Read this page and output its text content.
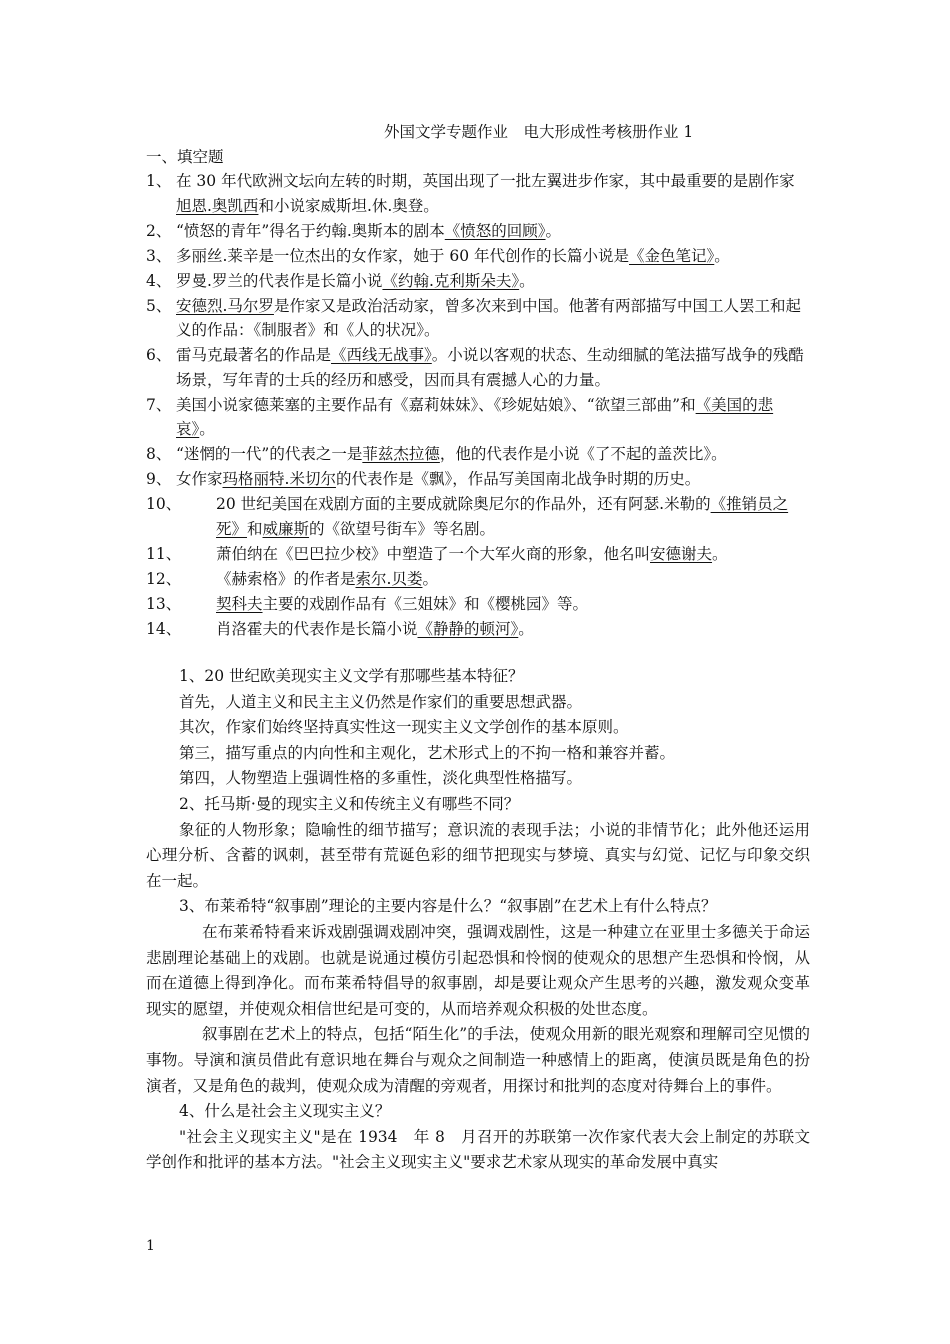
外国文学专题作业　电大形成性考核册作业 1
一、填空题
1、 在 30 年代欧洲文坛向左转的时期，英国出现了一批左翼进步作家，其中最重要的是剧作家旭恩.奥凯西和小说家威斯坦.休.奥登。
2、 “愤怒的青年”得名于约翰.奥斯本的剧本《愤怒的回顾》。
3、 多丽丝.莱辛是一位杰出的女作家，她于 60 年代创作的长篇小说是《金色笔记》。
4、 罗曼.罗兰的代表作是长篇小说《约翰.克利斯朵夫》。
5、 安德烈.马尔罗是作家又是政治活动家，曾多次来到中国。他著有两部描写中国工人罢工和起义的作品：《制服者》和《人的状况》。
6、 雷马克最著名的作品是《西线无战事》。小说以客观的状态、生动细腻的笔法描写战争的残酷场景，写年青的士兵的经历和感受，因而具有震撼人心的力量。
7、 美国小说家德莱塞的主要作品有《嘉莉妹妹》、《珍妮姑娘》、“欲望三部曲”和《美国的悲哀》。
8、 “迷惘的一代”的代表之一是菲兹杰拉德，他的代表作是小说《了不起的盖茨比》。
9、 女作家玛格丽特.米切尔的代表作是《飘》，作品写美国南北战争时期的历史。
10、	20 世纪美国在戏剧方面的主要成就除奥尼尔的作品外，还有阿瑟.米勒的《推销员之死》和威廉斯的《欲望号街车》等名剧。
11、	萧伯纳在《巴巴拉少校》中塑造了一个大军火商的形象，他名叫安德谢夫。
12、	《赫索格》的作者是索尔.贝娄。
13、	契科夫主要的戏剧作品有《三姐妹》和《樱桃园》等。
14、	肖洛霍夫的代表作是长篇小说《静静的顿河》。

1、20 世纪欧美现实主义文学有那哪些基本特征？

首先，人道主义和民主主义仍然是作家们的重要思想武器。

其次，作家们始终坚持真实性这一现实主义文学创作的基本原则。

第三，描写重点的内向性和主观化，艺术形式上的不拘一格和兼容并蓄。

第四，人物塑造上强调性格的多重性，淡化典型性格描写。

2、托马斯·曼的现实主义和传统主义有哪些不同？

象征的人物形象；隐喻性的细节描写；意识流的表现手法；小说的非情节化；此外他还运用心理分析、含蓄的讽刺，甚至带有荒诞色彩的细节把现实与梦境、真实与幻觉、记忆与印象交织在一起。

3、布莱希特“叙事剧”理论的主要内容是什么？“叙事剧”在艺术上有什么特点？

在布莱希特看来诉戏剧强调戏剧冲突，强调戏剧性，这是一种建立在亚里士多德关于命运悲剧理论基础上的戏剧。也就是说通过模仿引起恐惧和怜悯的使观众的思想产生恐惧和怜悯，从而在道德上得到净化。而布莱希特倡导的叙事剧，却是要让观众产生思考的兴趣，激发观众变革现实的愿望，并使观众相信世纪是可变的，从而培养观众积极的处世态度。

叙事剧在艺术上的特点，包括“陌生化”的手法，使观众用新的眼光观察和理解司空见惯的事物。导演和演员借此有意识地在舞台与观众之间制造一种感情上的距离，使演员既是角色的扮演者，又是角色的裁判，使观众成为清醒的旁观者，用探讨和批判的态度对待舞台上的事件。

4、什么是社会主义现实主义？

"社会主义现实主义"是在 1934　年 8　月召开的苏联第一次作家代表大会上制定的苏联文学创作和批评的基本方法。"社会主义现实主义"要求艺术家从现实的革命发展中真实

1
